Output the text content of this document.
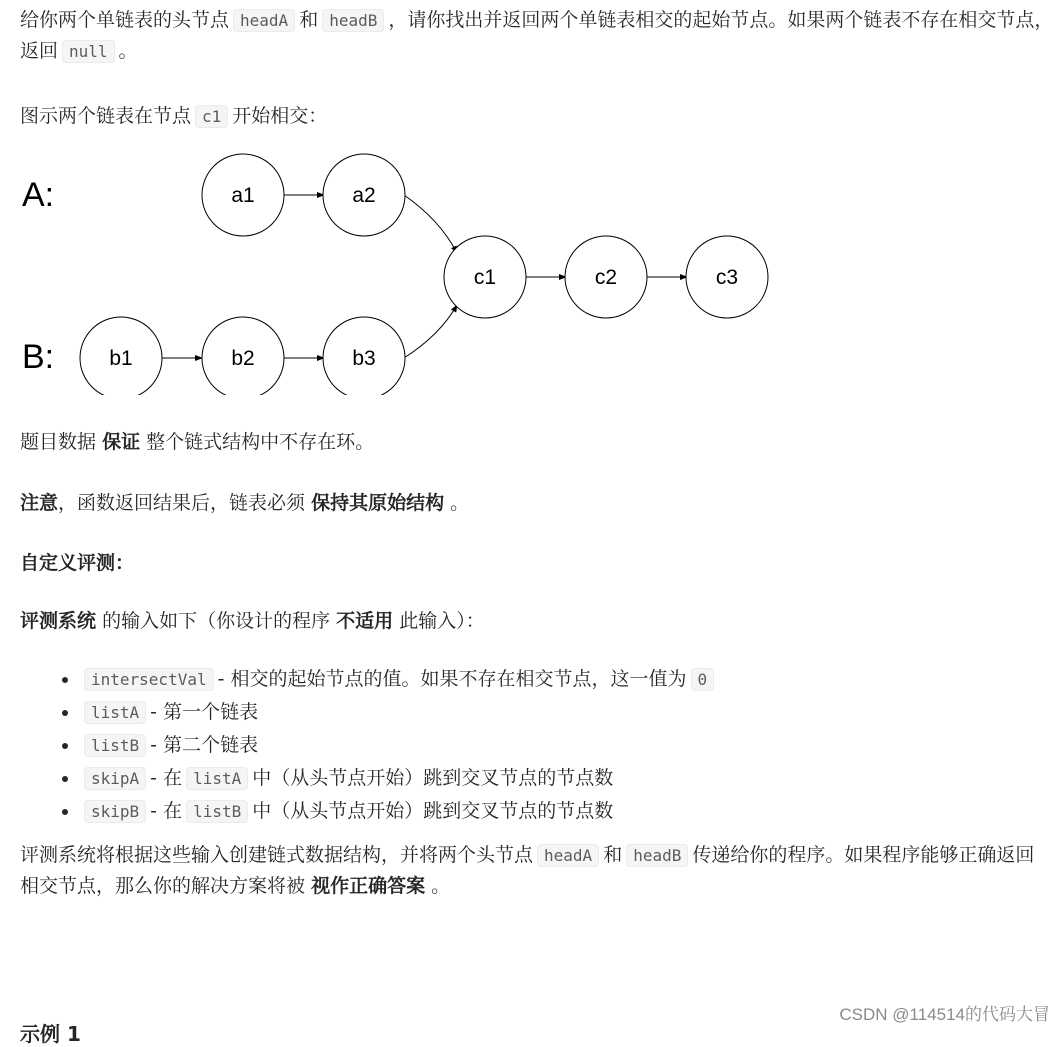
给你两个单链表的头节点 headA 和 headB ，请你找出并返回两个单链表相交的起始节点。如果两个链表不存在相交节点，返回 null 。

图示两个链表在节点 c1 开始相交：

A:
B:
a1	a2
b1	b2	b3
c1	c2	c3

题目数据 保证 整个链式结构中不存在环。

注意，函数返回结果后，链表必须 保持其原始结构 。

自定义评测：

评测系统 的输入如下（你设计的程序 不适用 此输入）：

• intersectVal - 相交的起始节点的值。如果不存在相交节点，这一值为 0
• listA - 第一个链表
• listB - 第二个链表
• skipA - 在 listA 中（从头节点开始）跳到交叉节点的节点数
• skipB - 在 listB 中（从头节点开始）跳到交叉节点的节点数

评测系统将根据这些输入创建链式数据结构，并将两个头节点 headA 和 headB 传递给你的程序。如果程序能够正确返回相交节点，那么你的解决方案将被 视作正确答案 。

示例 1
CSDN @114514的代码大冒
